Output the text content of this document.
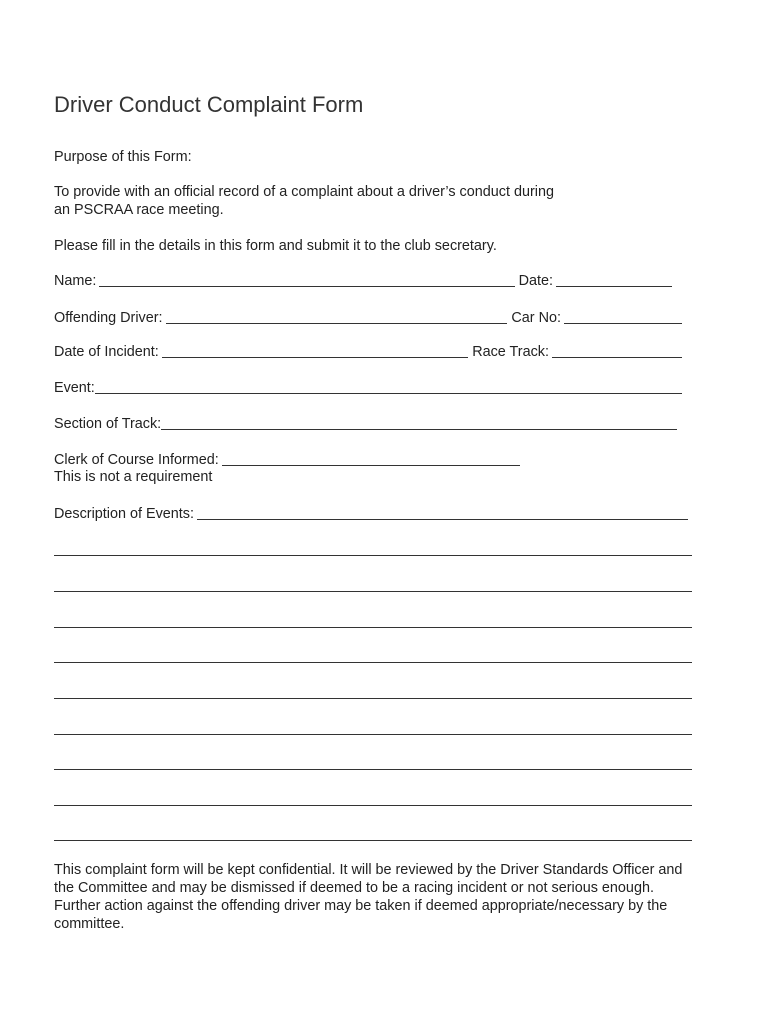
Driver Conduct Complaint Form
Purpose of this Form:
To provide with an official record of a complaint about a driver’s conduct during
an PSCRAA race meeting.
Please fill in the details in this form and submit it to the club secretary.
Name:	Date:
Offending Driver:	Car No:
Date of Incident:	Race Track:
Event:
Section of Track:
Clerk of Course Informed:
This is not a requirement
Description of Events:
This complaint form will be kept confidential. It will be reviewed by the Driver Standards Officer and the Committee and may be dismissed if deemed to be a racing incident or not serious enough. Further action against the offending driver may be taken if deemed appropriate/necessary by the committee.
